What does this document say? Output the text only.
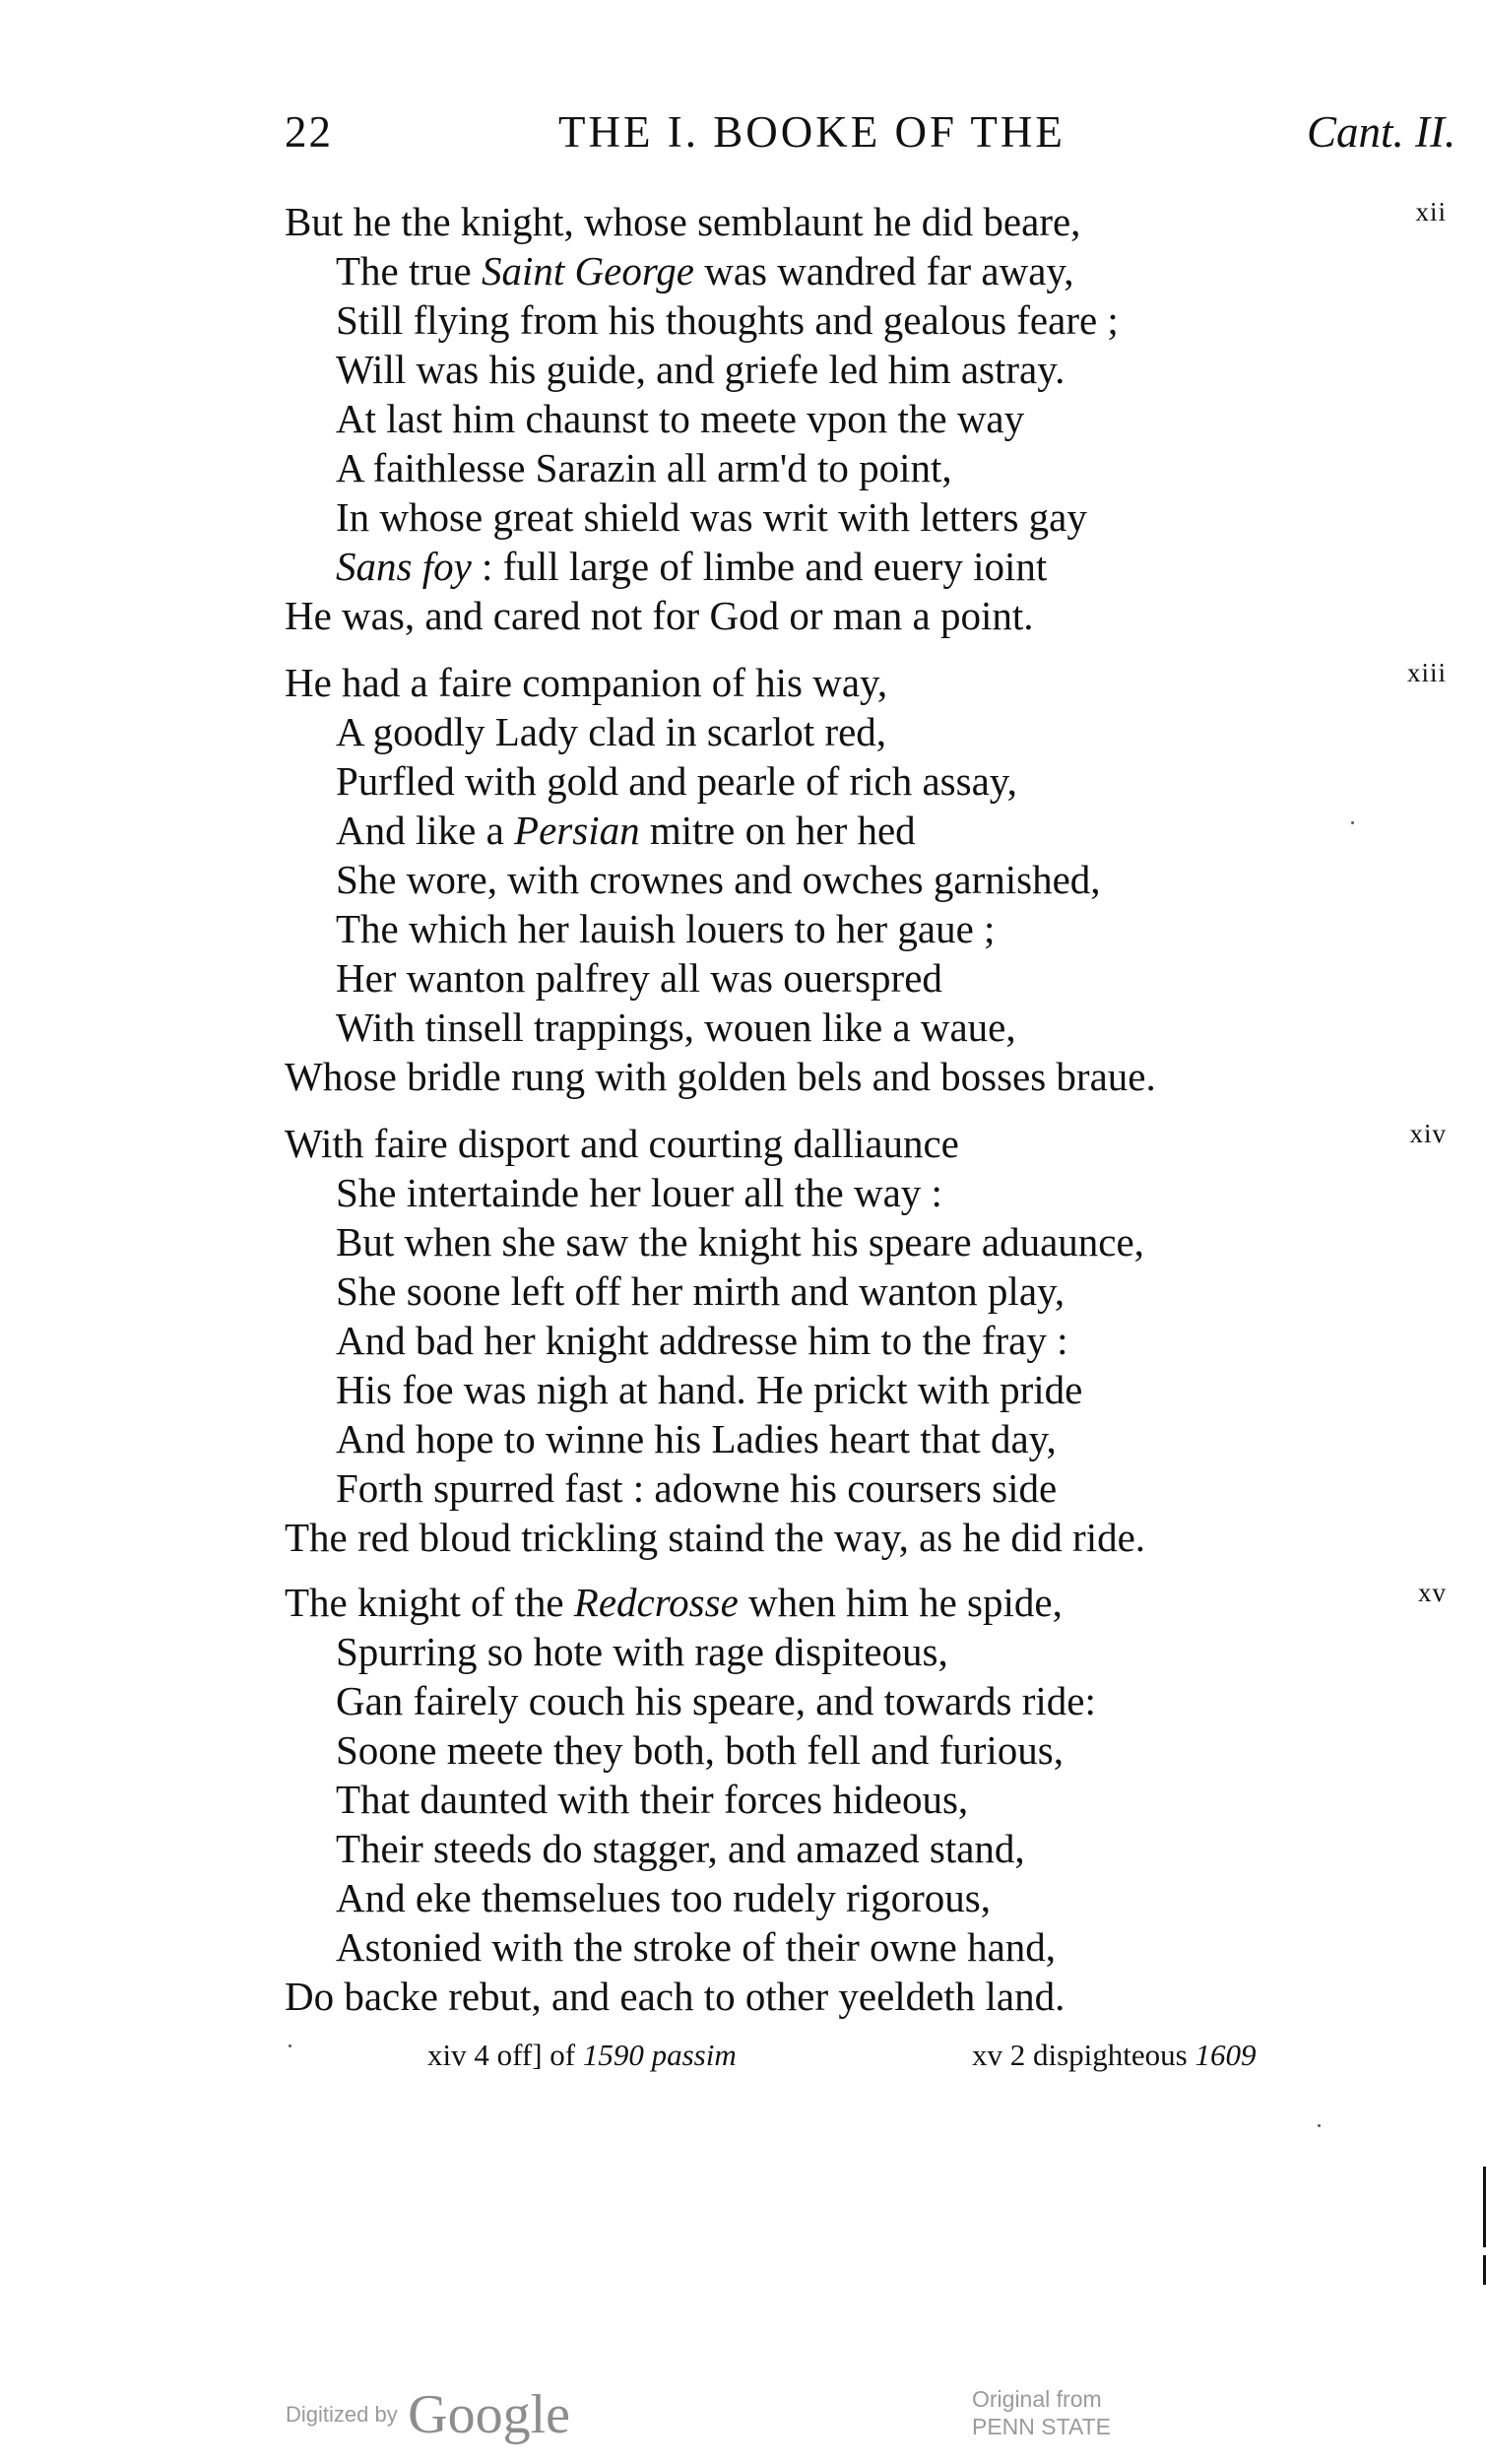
22	THE I. BOOKE OF THE	Cant. II.
xii
But he the knight, whose semblaunt he did beare,
The true Saint George was wandred far away,
Still flying from his thoughts and gealous feare ;
Will was his guide, and griefe led him astray.
At last him chaunst to meete vpon the way
A faithlesse Sarazin all arm'd to point,
In whose great shield was writ with letters gay
Sans foy : full large of limbe and euery ioint
He was, and cared not for God or man a point.
xiii
He had a faire companion of his way,
A goodly Lady clad in scarlot red,
Purfled with gold and pearle of rich assay,
And like a Persian mitre on her hed
She wore, with crownes and owches garnished,
The which her lauish louers to her gaue ;
Her wanton palfrey all was ouerspred
With tinsell trappings, wouen like a waue,
Whose bridle rung with golden bels and bosses braue.
xiv
With faire disport and courting dalliaunce
She intertainde her louer all the way :
But when she saw the knight his speare aduaunce,
She soone left off her mirth and wanton play,
And bad her knight addresse him to the fray :
His foe was nigh at hand. He prickt with pride
And hope to winne his Ladies heart that day,
Forth spurred fast : adowne his coursers side
The red bloud trickling staind the way, as he did ride.
xv
The knight of the Redcrosse when him he spide,
Spurring so hote with rage dispiteous,
Gan fairely couch his speare, and towards ride:
Soone meete they both, both fell and furious,
That daunted with their forces hideous,
Their steeds do stagger, and amazed stand,
And eke themselues too rudely rigorous,
Astonied with the stroke of their owne hand,
Do backe rebut, and each to other yeeldeth land.
xiv 4 off] of 1590 passim	xv 2 dispighteous 1609
Digitized by Google	Original from
PENN STATE
